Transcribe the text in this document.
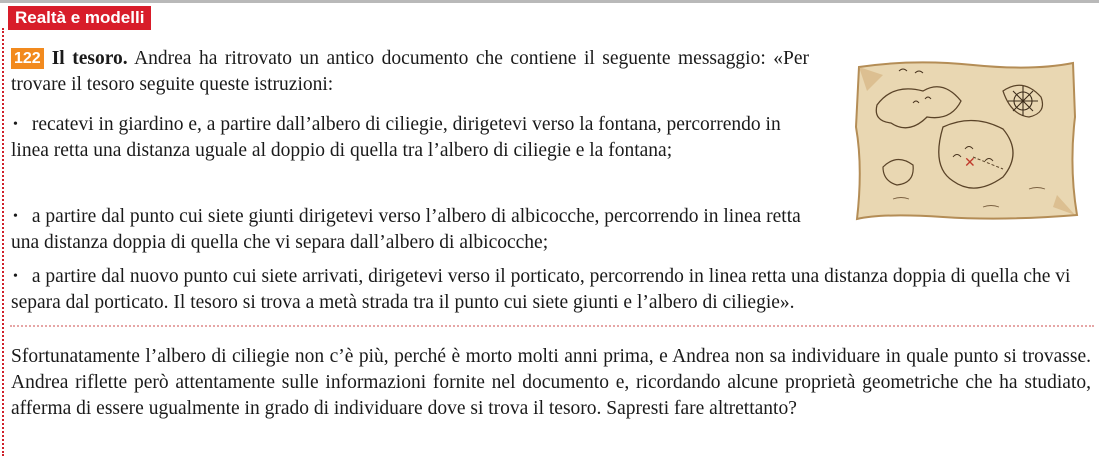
Realtà e modelli
122 Il tesoro. Andrea ha ritrovato un antico documento che contiene il seguente messaggio: «Per trovare il tesoro seguite queste istruzioni:
• recatevi in giardino e, a partire dall’albero di ciliegie, dirigetevi verso la fontana, percorrendo in linea retta una distanza uguale al doppio di quella tra l’albero di ciliegie e la fontana;
• a partire dal punto cui siete giunti dirigetevi verso l’albero di albicocche, percorrendo in linea retta una distanza doppia di quella che vi separa dall’albero di albicocche;
• a partire dal nuovo punto cui siete arrivati, dirigetevi verso il porticato, percorrendo in linea retta una distanza doppia di quella che vi separa dal porticato. Il tesoro si trova a metà strada tra il punto cui siete giunti e l’albero di ciliegie».
Sfortunatamente l’albero di ciliegie non c’è più, perché è morto molti anni prima, e Andrea non sa individuare in quale punto si trovasse. Andrea riflette però attentamente sulle informazioni fornite nel documento e, ricordando alcune proprietà geometriche che ha studiato, afferma di essere ugualmente in grado di individuare dove si trova il tesoro. Sapresti fare altrettanto?
✕
